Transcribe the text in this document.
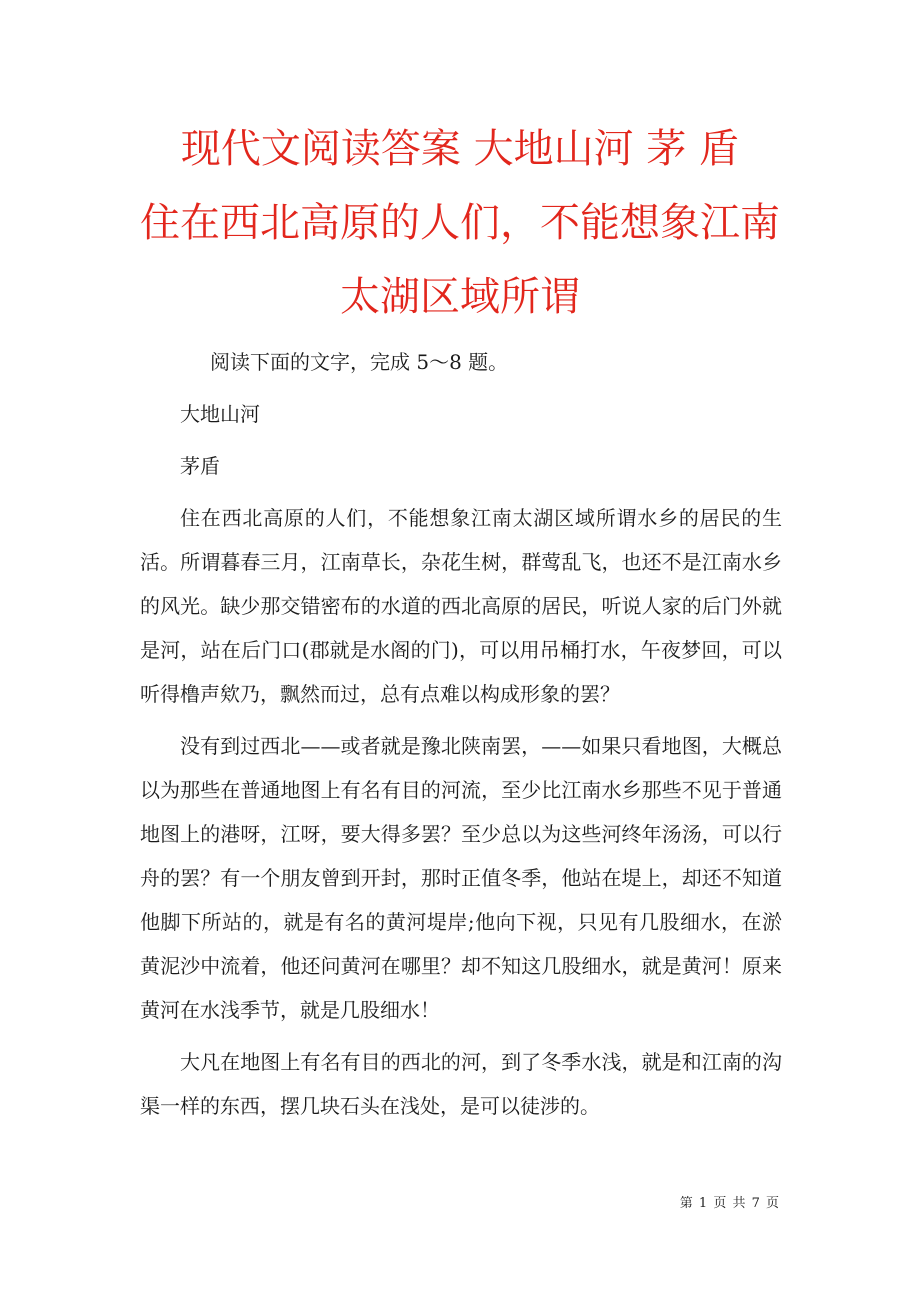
现代文阅读答案 大地山河 茅 盾
住在西北高原的人们，不能想象江南
太湖区域所谓

阅读下面的文字，完成 5～8 题。

大地山河

茅盾

住在西北高原的人们，不能想象江南太湖区域所谓水乡的居民的生活。所谓暮春三月，江南草长，杂花生树，群莺乱飞，也还不是江南水乡的风光。缺少那交错密布的水道的西北高原的居民，听说人家的后门外就是河，站在后门口(郡就是水阁的门)，可以用吊桶打水，午夜梦回，可以听得橹声欸乃，飘然而过，总有点难以构成形象的罢？

没有到过西北——或者就是豫北陕南罢，——如果只看地图，大概总以为那些在普通地图上有名有目的河流，至少比江南水乡那些不见于普通地图上的港呀，江呀，要大得多罢？至少总以为这些河终年汤汤，可以行舟的罢？有一个朋友曾到开封，那时正值冬季，他站在堤上，却还不知道他脚下所站的，就是有名的黄河堤岸;他向下视，只见有几股细水，在淤黄泥沙中流着，他还问黄河在哪里？却不知这几股细水，就是黄河！原来黄河在水浅季节，就是几股细水！

大凡在地图上有名有目的西北的河，到了冬季水浅，就是和江南的沟渠一样的东西，摆几块石头在浅处，是可以徒涉的。

第 1 页 共 7 页
